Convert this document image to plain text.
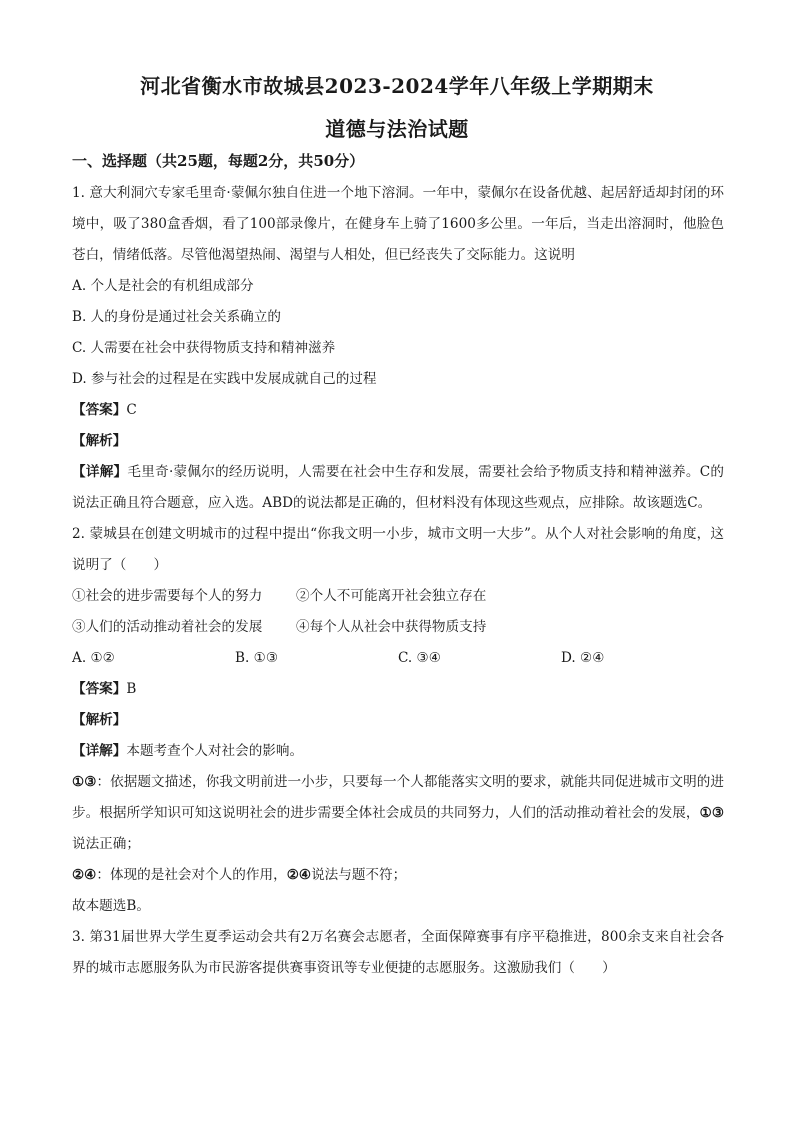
河北省衡水市故城县2023-2024学年八年级上学期期末
道德与法治试题
一、选择题（共25题，每题2分，共50分）

1. 意大利洞穴专家毛里奇·蒙佩尔独自住进一个地下溶洞。一年中，蒙佩尔在设备优越、起居舒适却封闭的环境中，吸了380盒香烟，看了100部录像片，在健身车上骑了1600多公里。一年后，当走出溶洞时，他脸色苍白，情绪低落。尽管他渴望热闹、渴望与人相处，但已经丧失了交际能力。这说明

A. 个人是社会的有机组成部分

B. 人的身份是通过社会关系确立的

C. 人需要在社会中获得物质支持和精神滋养

D. 参与社会的过程是在实践中发展成就自己的过程

【答案】C

【解析】

【详解】毛里奇·蒙佩尔的经历说明，人需要在社会中生存和发展，需要社会给予物质支持和精神滋养。C的说法正确且符合题意，应入选。ABD的说法都是正确的，但材料没有体现这些观点，应排除。故该题选C。

2. 蒙城县在创建文明城市的过程中提出“你我文明一小步，城市文明一大步”。从个人对社会影响的角度，这说明了（　　）

①社会的进步需要每个人的努力 ②个人不可能离开社会独立存在

③人们的活动推动着社会的发展 ④每个人从社会中获得物质支持

A. ①②	B. ①③	C. ③④	D. ②④

【答案】B

【解析】

【详解】本题考查个人对社会的影响。

①③：依据题文描述，你我文明前进一小步，只要每一个人都能落实文明的要求，就能共同促进城市文明的进步。根据所学知识可知这说明社会的进步需要全体社会成员的共同努力，人们的活动推动着社会的发展，①③说法正确；

②④：体现的是社会对个人的作用，②④说法与题不符；

故本题选B。

3. 第31届世界大学生夏季运动会共有2万名赛会志愿者，全面保障赛事有序平稳推进，800余支来自社会各界的城市志愿服务队为市民游客提供赛事资讯等专业便捷的志愿服务。这激励我们（　　）
